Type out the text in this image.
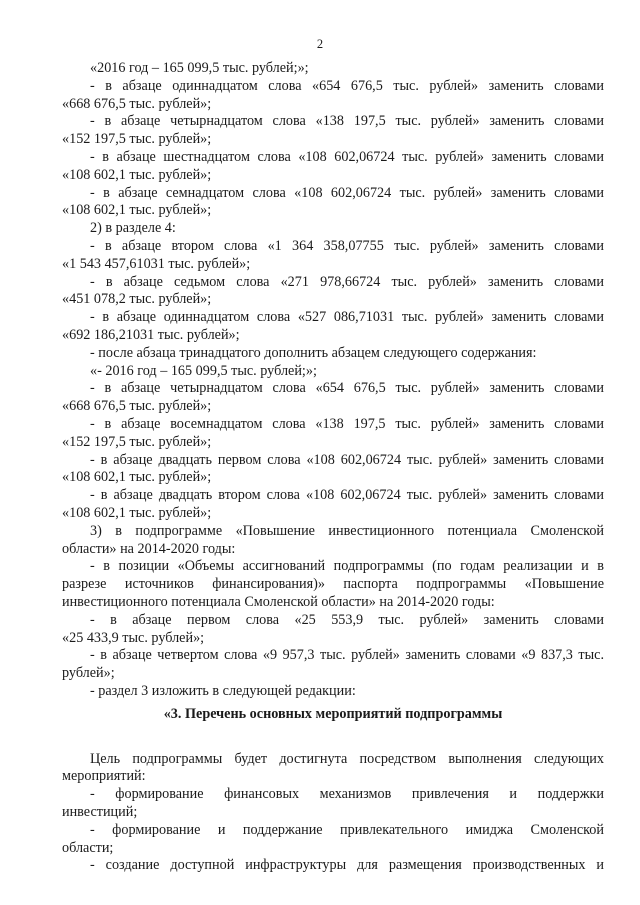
2
«2016 год – 165 099,5 тыс. рублей;»;
- в абзаце одиннадцатом слова «654 676,5 тыс. рублей» заменить словами
«668 676,5 тыс. рублей»;
- в абзаце четырнадцатом слова «138 197,5 тыс. рублей» заменить словами
«152 197,5 тыс. рублей»;
- в абзаце шестнадцатом слова «108 602,06724 тыс. рублей» заменить словами
«108 602,1 тыс. рублей»;
- в абзаце семнадцатом слова «108 602,06724 тыс. рублей» заменить словами
«108 602,1 тыс. рублей»;
2) в разделе 4:
- в абзаце втором слова «1 364 358,07755 тыс. рублей» заменить словами
«1 543 457,61031 тыс. рублей»;
- в абзаце седьмом слова «271 978,66724 тыс. рублей» заменить словами
«451 078,2 тыс. рублей»;
- в абзаце одиннадцатом слова «527 086,71031 тыс. рублей» заменить словами
«692 186,21031 тыс. рублей»;
- после абзаца тринадцатого дополнить абзацем следующего содержания:
«- 2016 год – 165 099,5 тыс. рублей;»;
- в абзаце четырнадцатом слова «654 676,5 тыс. рублей» заменить словами
«668 676,5 тыс. рублей»;
- в абзаце восемнадцатом слова «138 197,5 тыс. рублей» заменить словами
«152 197,5 тыс. рублей»;
- в абзаце двадцать первом слова «108 602,06724 тыс. рублей» заменить словами
«108 602,1 тыс. рублей»;
- в абзаце двадцать втором слова «108 602,06724 тыс. рублей» заменить словами
«108 602,1 тыс. рублей»;
3) в подпрограмме «Повышение инвестиционного потенциала Смоленской
области» на 2014-2020 годы:
- в позиции «Объемы ассигнований подпрограммы (по годам реализации и в
разрезе источников финансирования)» паспорта подпрограммы «Повышение
инвестиционного потенциала Смоленской области» на 2014-2020 годы:
- в абзаце первом слова «25 553,9 тыс. рублей» заменить словами
«25 433,9 тыс. рублей»;
- в абзаце четвертом слова «9 957,3 тыс. рублей» заменить словами «9 837,3 тыс.
рублей»;
- раздел 3 изложить в следующей редакции:
«3. Перечень основных мероприятий подпрограммы
Цель подпрограммы будет достигнута посредством выполнения следующих
мероприятий:
- формирование финансовых механизмов привлечения и поддержки
инвестиций;
- формирование и поддержание привлекательного имиджа Смоленской
области;
- создание доступной инфраструктуры для размещения производственных и
